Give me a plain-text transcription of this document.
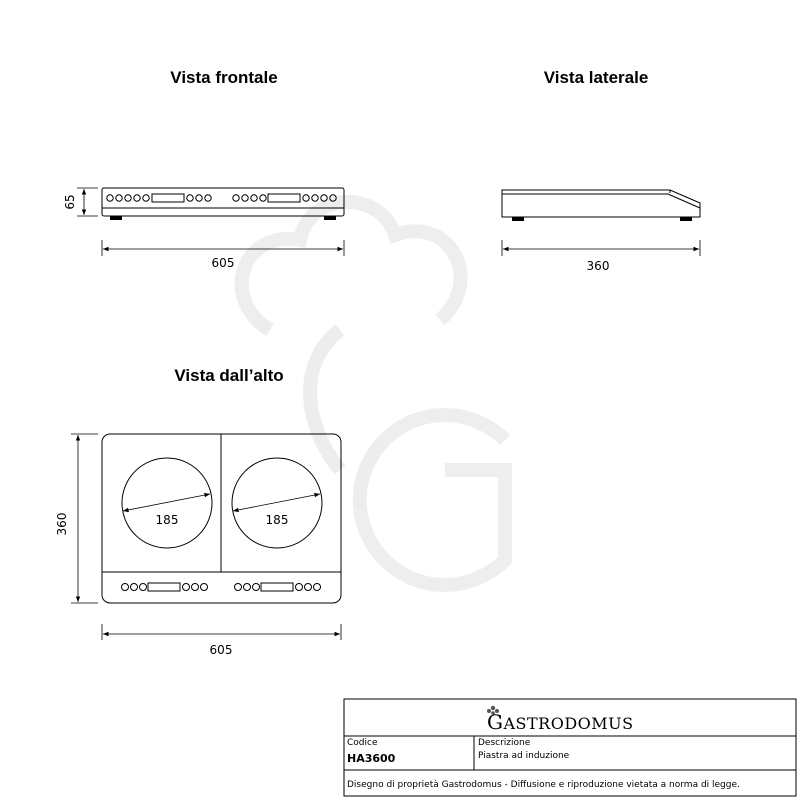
Vista frontale
65
605
Vista laterale
360
Vista dall’alto
185	185
360
605
GASTRODOMUS
Codice
HA3600
Descrizione
Piastra ad induzione
Disegno di proprietà Gastrodomus - Diffusione e riproduzione vietata a norma di legge.
